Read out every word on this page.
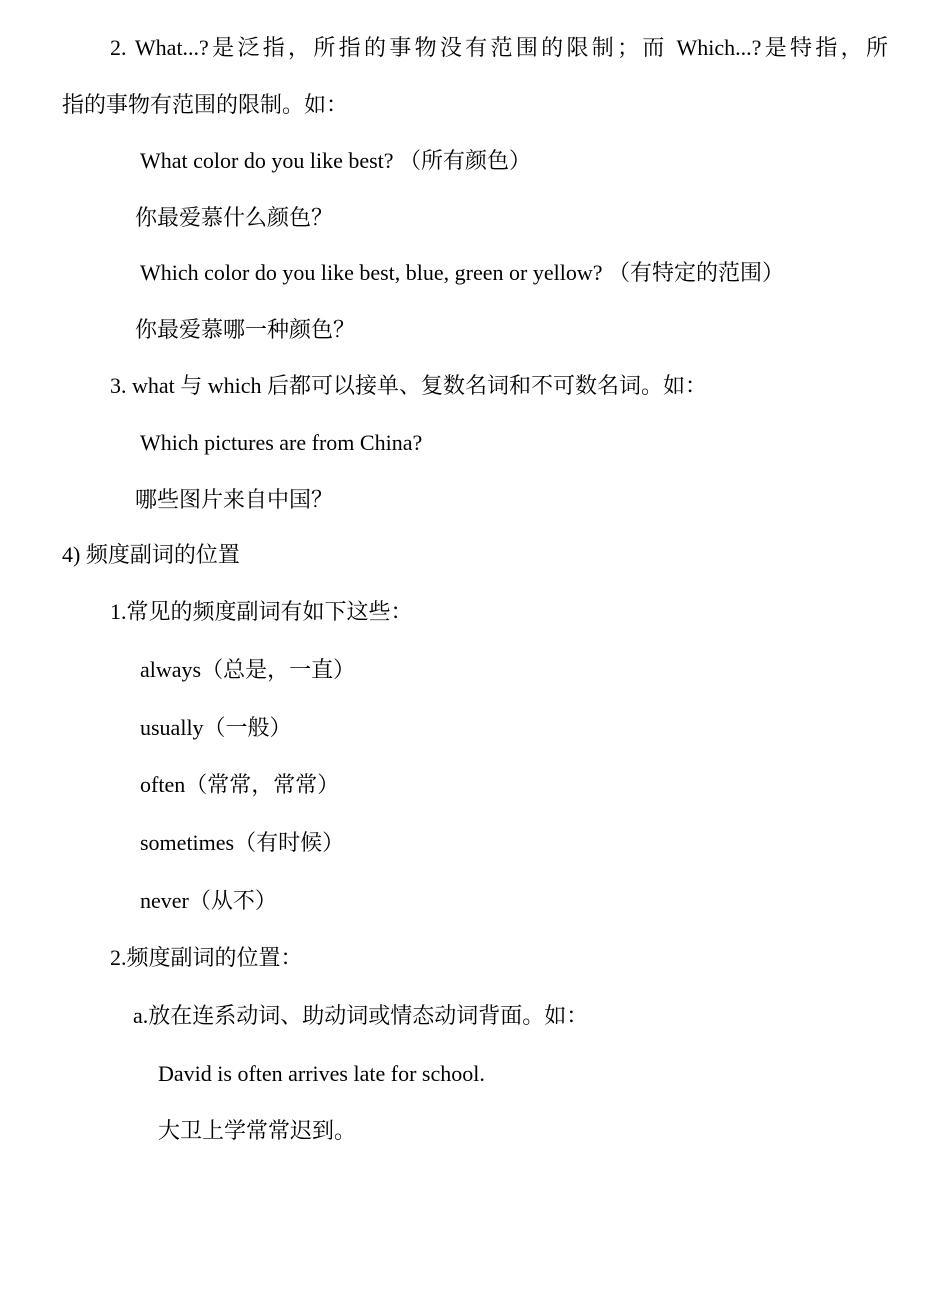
2. What...?是泛指，所指的事物没有范围的限制；而 Which...?是特指，所
指的事物有范围的限制。如：
What color do you like best? （所有颜色）
你最爱慕什么颜色？
Which color do you like best, blue, green or yellow? （有特定的范围）
你最爱慕哪一种颜色？
3. what 与 which 后都可以接单、复数名词和不可数名词。如：
Which pictures are from China?
哪些图片来自中国？
4) 频度副词的位置
1.常见的频度副词有如下这些：
always（总是，一直）
usually（一般）
often（常常，常常）
sometimes（有时候）
never（从不）
2.频度副词的位置：
a.放在连系动词、助动词或情态动词背面。如：
David is often arrives late for school.
大卫上学常常迟到。
